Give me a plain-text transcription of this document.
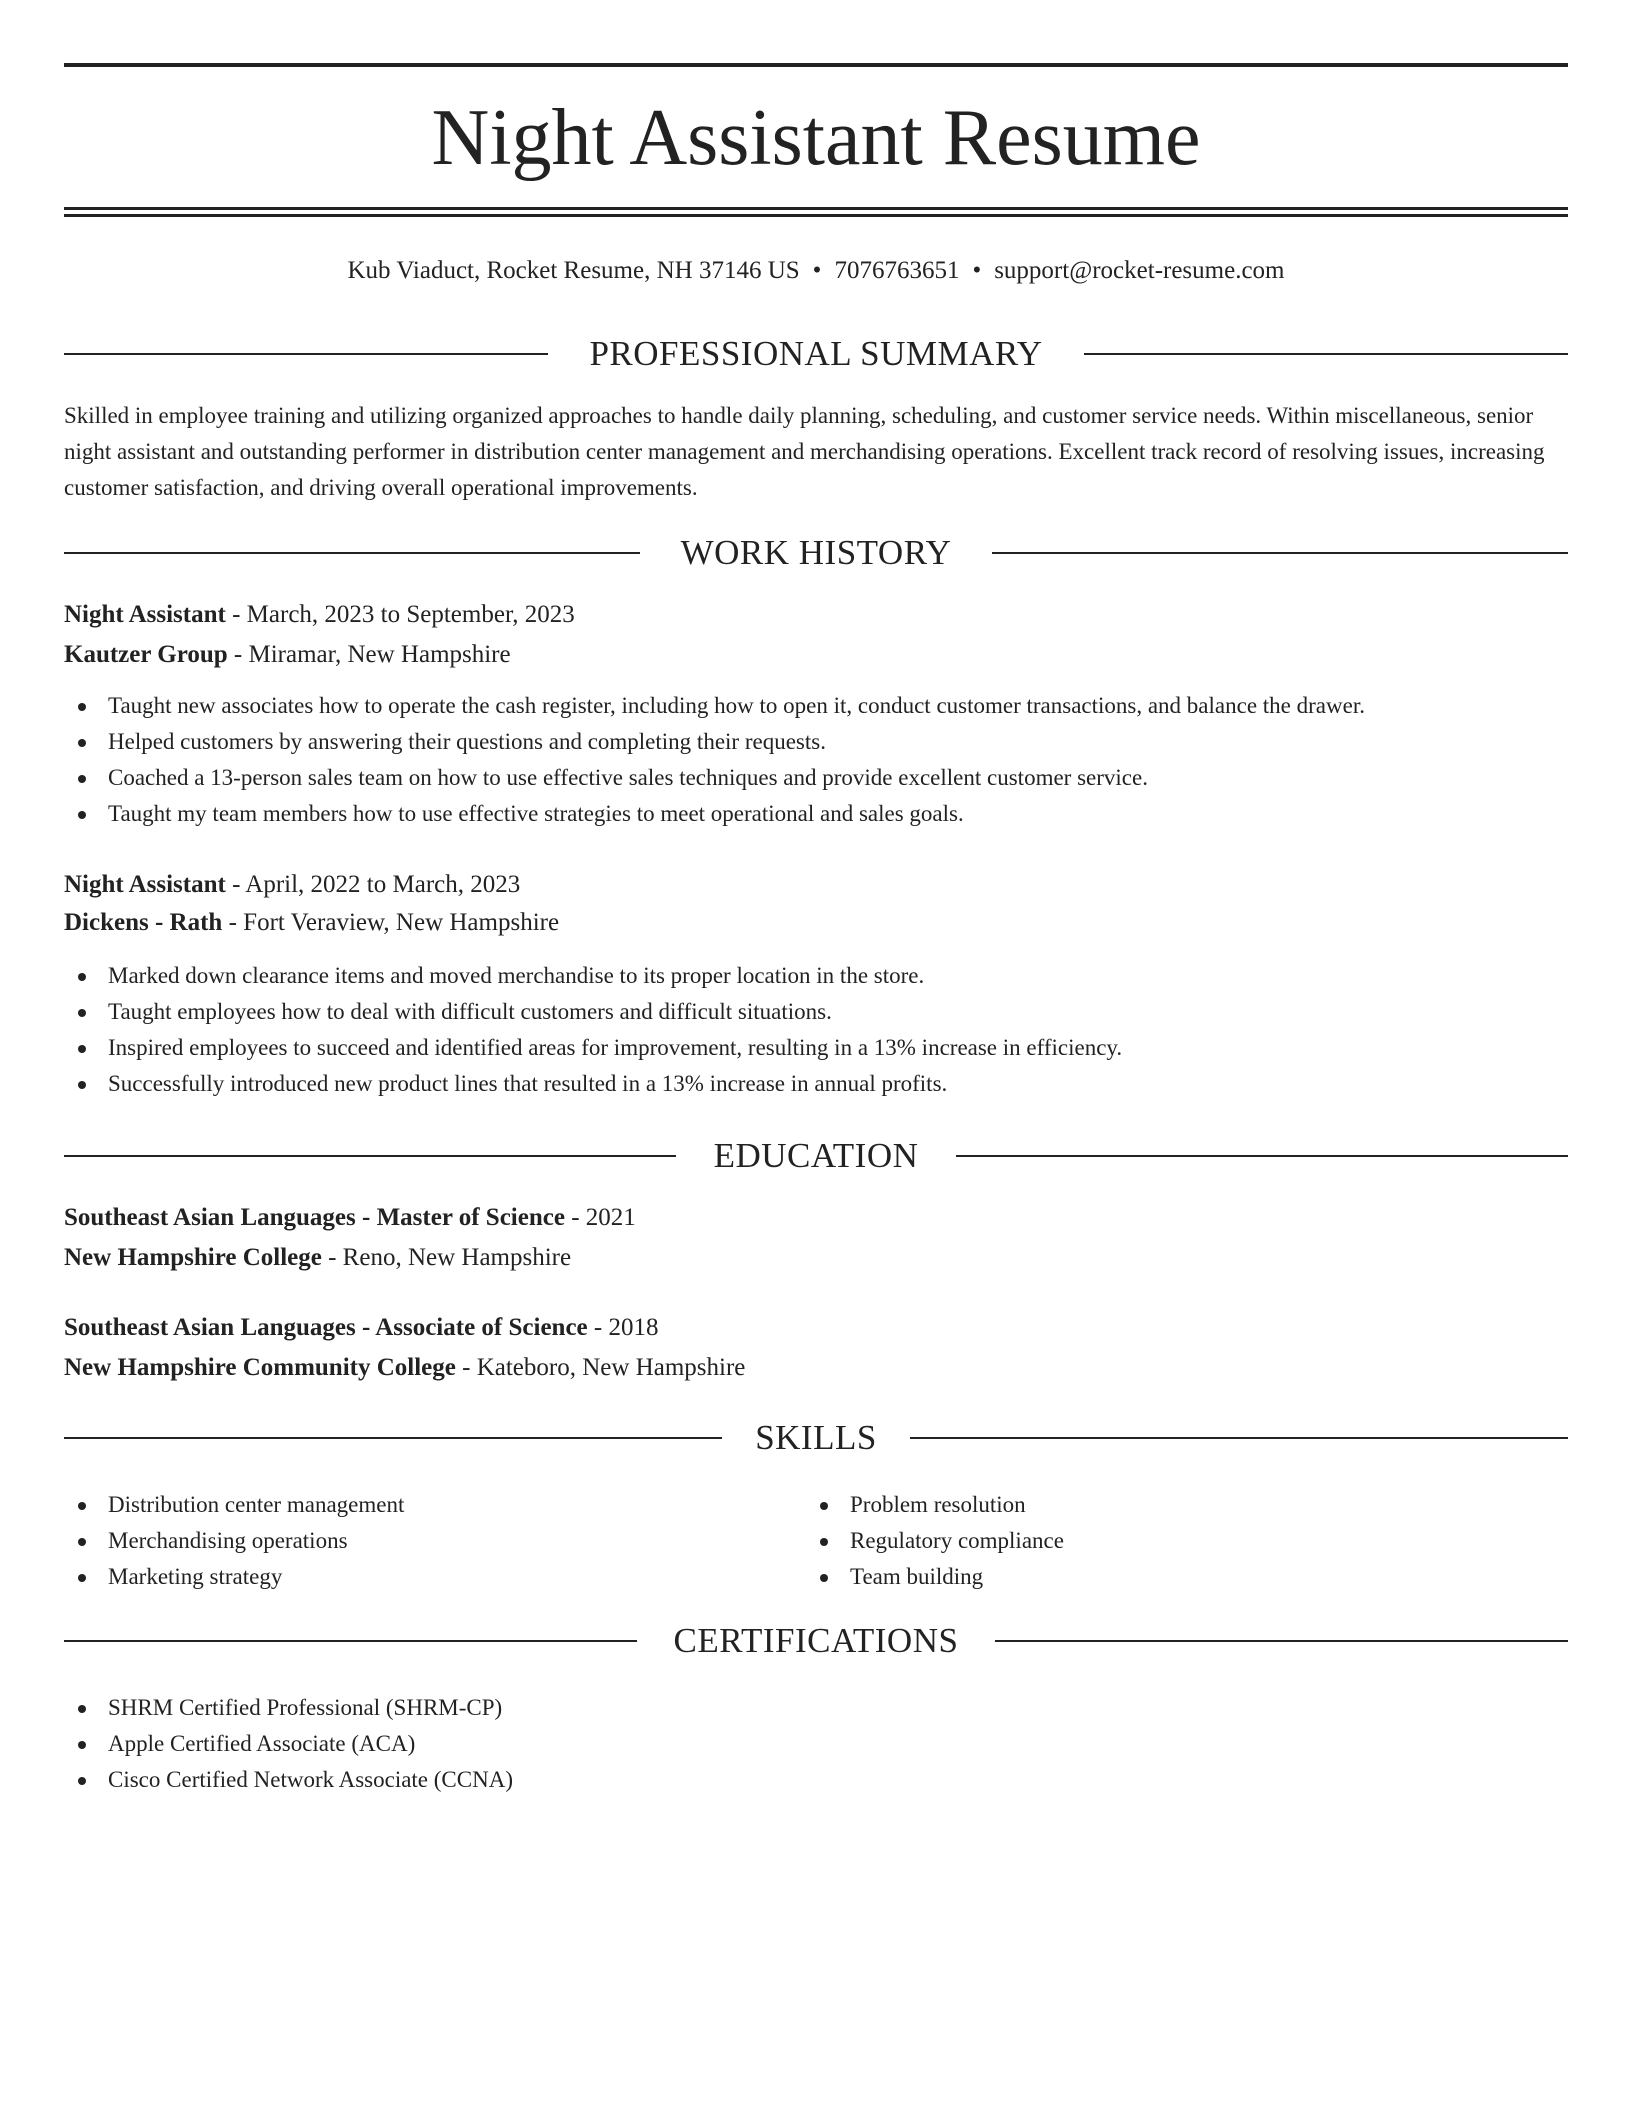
Night Assistant Resume
Kub Viaduct, Rocket Resume, NH 37146 US • 7076763651 • support@rocket-resume.com
PROFESSIONAL SUMMARY

Skilled in employee training and utilizing organized approaches to handle daily planning, scheduling, and customer service needs. Within miscellaneous, senior night assistant and outstanding performer in distribution center management and merchandising operations. Excellent track record of resolving issues, increasing customer satisfaction, and driving overall operational improvements.

WORK HISTORY
Night Assistant - March, 2023 to September, 2023
Kautzer Group - Miramar, New Hampshire
Taught new associates how to operate the cash register, including how to open it, conduct customer transactions, and balance the drawer.
Helped customers by answering their questions and completing their requests.
Coached a 13-person sales team on how to use effective sales techniques and provide excellent customer service.
Taught my team members how to use effective strategies to meet operational and sales goals.
Night Assistant - April, 2022 to March, 2023
Dickens - Rath - Fort Veraview, New Hampshire
Marked down clearance items and moved merchandise to its proper location in the store.
Taught employees how to deal with difficult customers and difficult situations.
Inspired employees to succeed and identified areas for improvement, resulting in a 13% increase in efficiency.
Successfully introduced new product lines that resulted in a 13% increase in annual profits.
EDUCATION
Southeast Asian Languages - Master of Science - 2021
New Hampshire College - Reno, New Hampshire
Southeast Asian Languages - Associate of Science - 2018
New Hampshire Community College - Kateboro, New Hampshire
SKILLS
Distribution center management
Merchandising operations
Marketing strategy
Problem resolution
Regulatory compliance
Team building
CERTIFICATIONS
SHRM Certified Professional (SHRM-CP)
Apple Certified Associate (ACA)
Cisco Certified Network Associate (CCNA)
